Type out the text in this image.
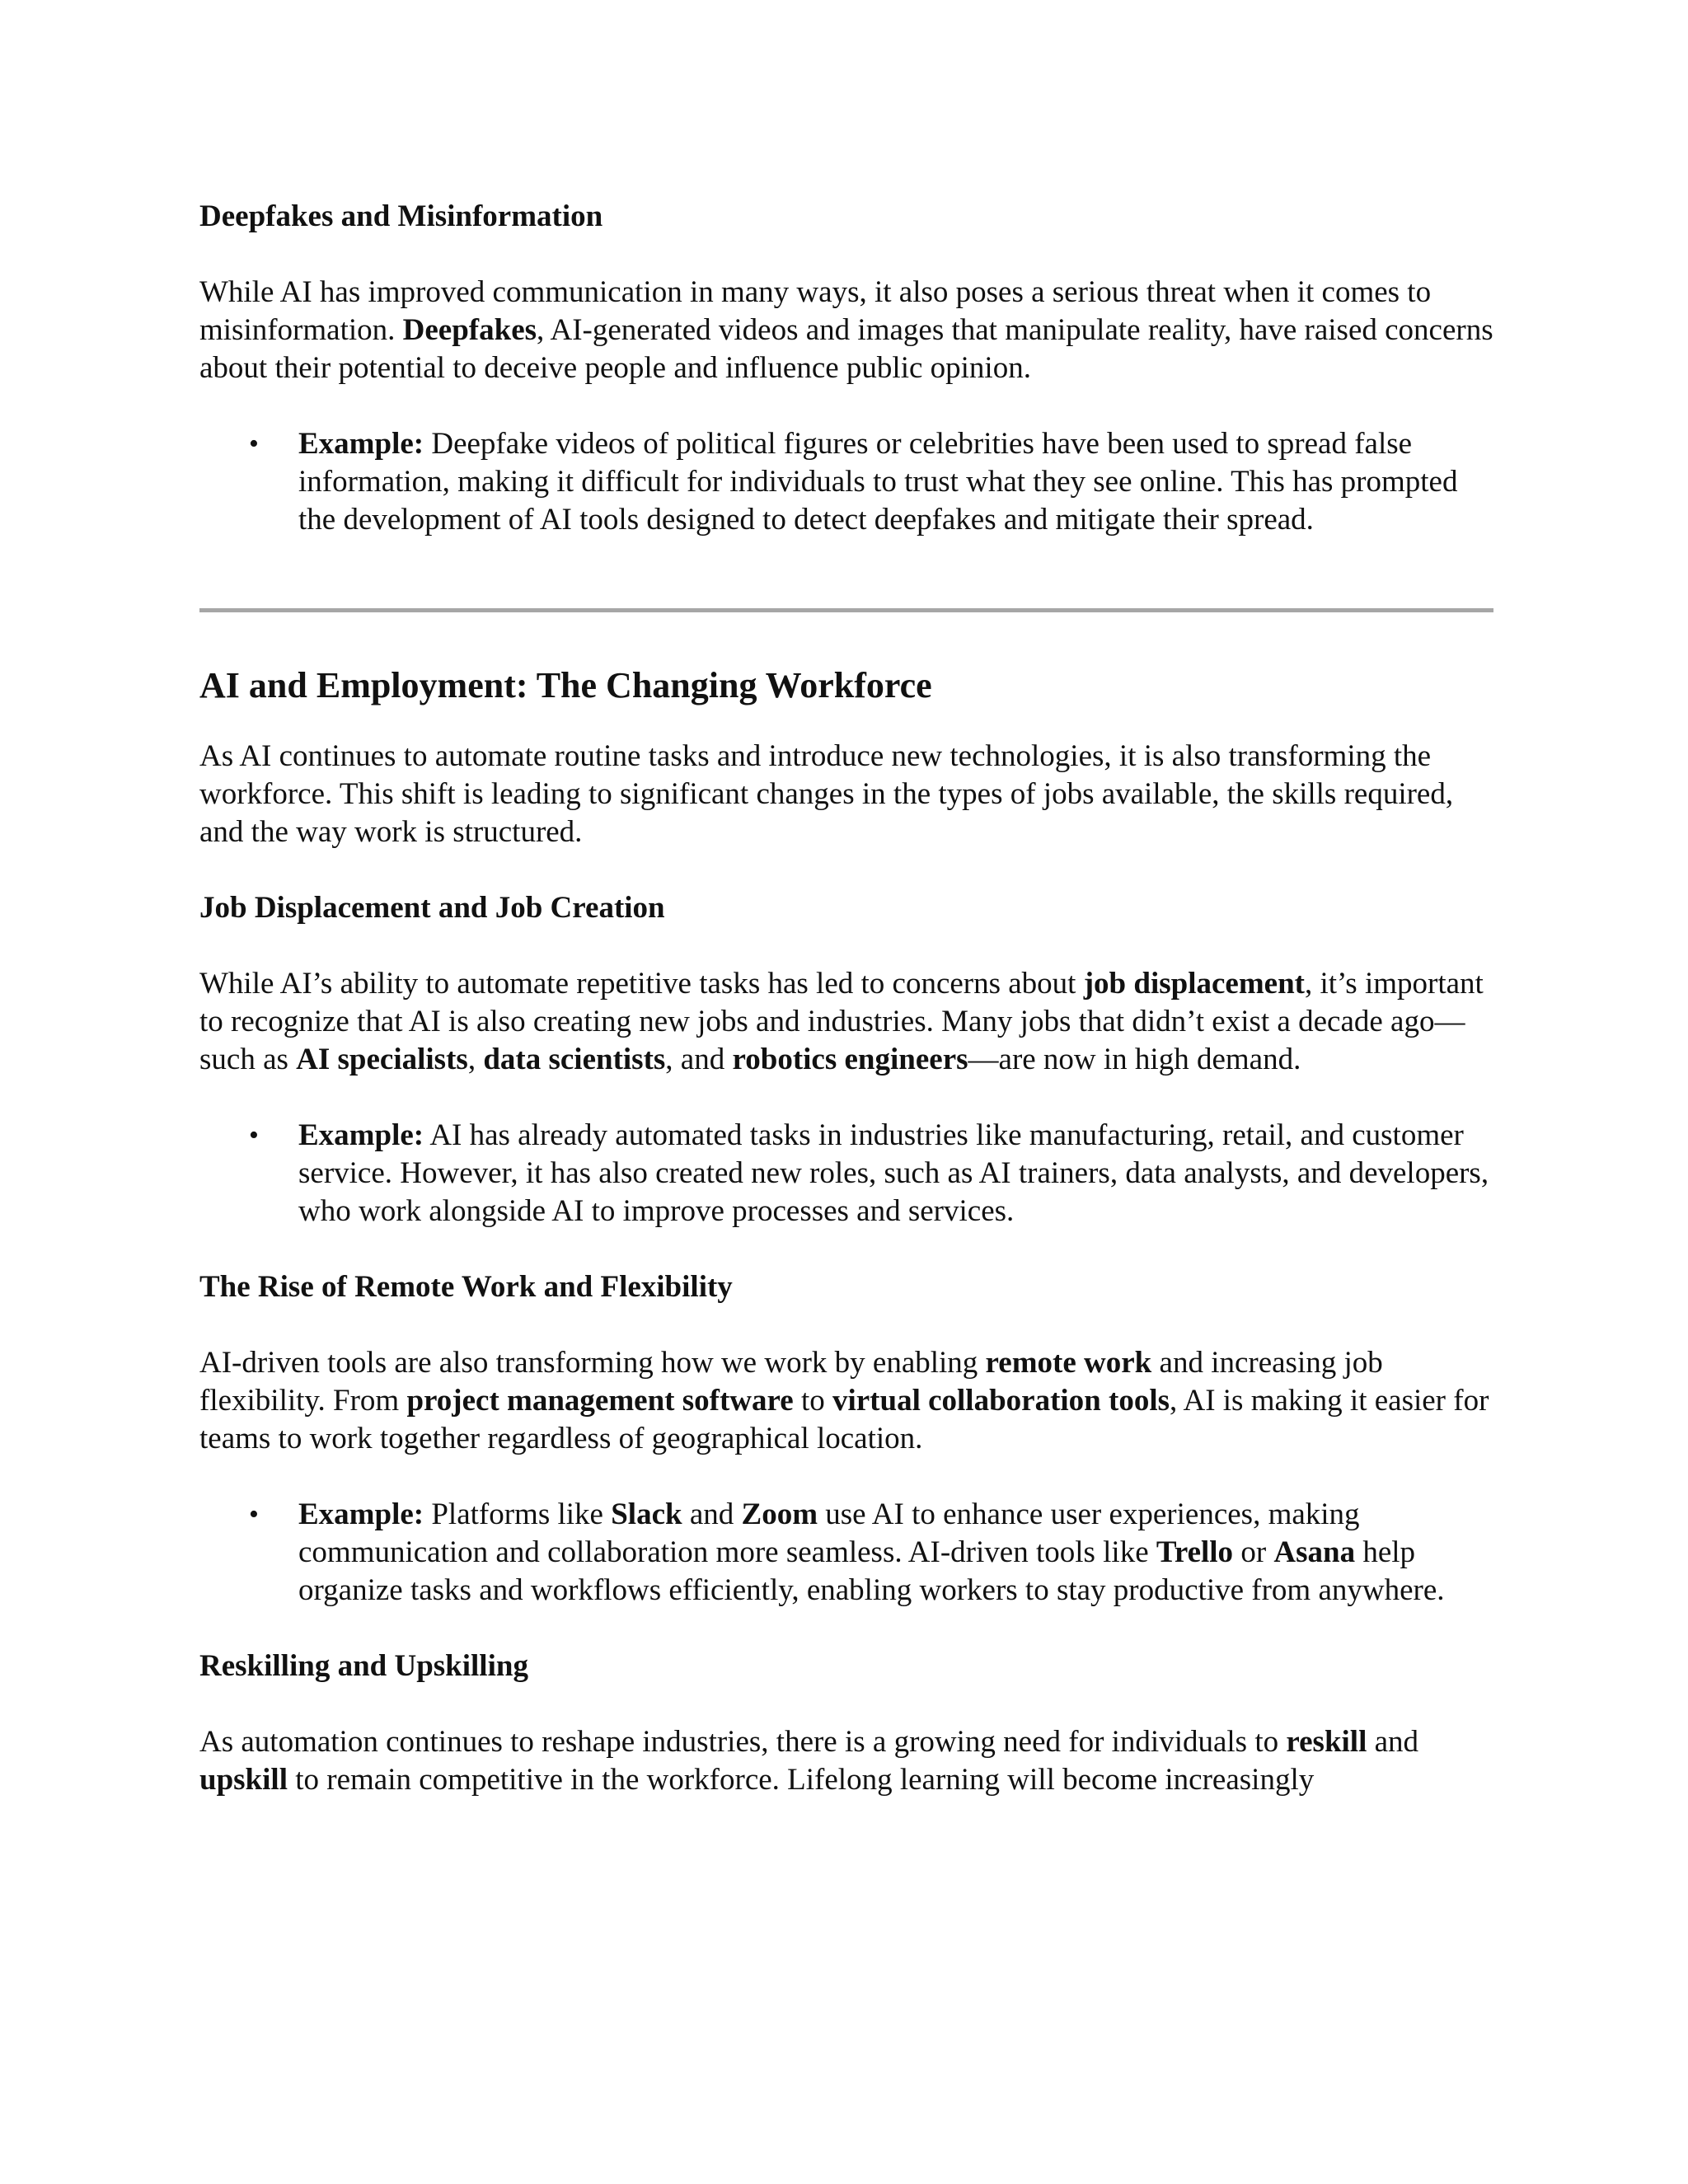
Deepfakes and Misinformation

While AI has improved communication in many ways, it also poses a serious threat when it comes to misinformation. Deepfakes, AI-generated videos and images that manipulate reality, have raised concerns about their potential to deceive people and influence public opinion.

• Example: Deepfake videos of political figures or celebrities have been used to spread false information, making it difficult for individuals to trust what they see online. This has prompted the development of AI tools designed to detect deepfakes and mitigate their spread.
AI and Employment: The Changing Workforce

As AI continues to automate routine tasks and introduce new technologies, it is also transforming the workforce. This shift is leading to significant changes in the types of jobs available, the skills required, and the way work is structured.

Job Displacement and Job Creation

While AI’s ability to automate repetitive tasks has led to concerns about job displacement, it’s important to recognize that AI is also creating new jobs and industries. Many jobs that didn’t exist a decade ago—such as AI specialists, data scientists, and robotics engineers—are now in high demand.

• Example: AI has already automated tasks in industries like manufacturing, retail, and customer service. However, it has also created new roles, such as AI trainers, data analysts, and developers, who work alongside AI to improve processes and services.
The Rise of Remote Work and Flexibility

AI-driven tools are also transforming how we work by enabling remote work and increasing job flexibility. From project management software to virtual collaboration tools, AI is making it easier for teams to work together regardless of geographical location.

• Example: Platforms like Slack and Zoom use AI to enhance user experiences, making communication and collaboration more seamless. AI-driven tools like Trello or Asana help organize tasks and workflows efficiently, enabling workers to stay productive from anywhere.
Reskilling and Upskilling

As automation continues to reshape industries, there is a growing need for individuals to reskill and upskill to remain competitive in the workforce. Lifelong learning will become increasingly
